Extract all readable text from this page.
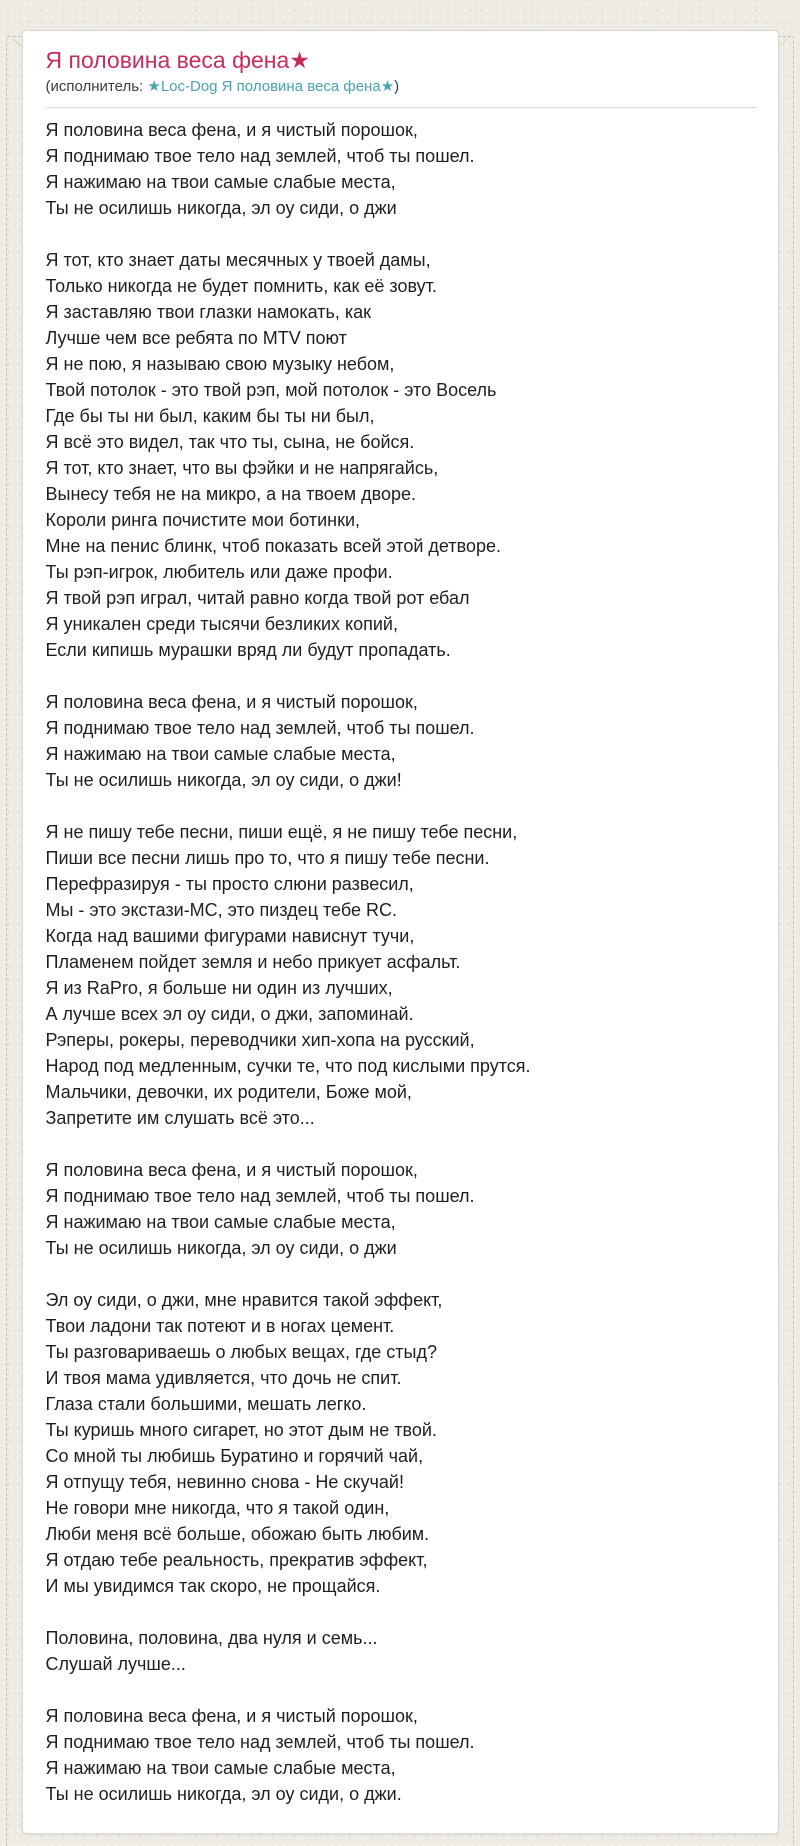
Я половина веса фена★
(исполнитель: ★Loc-Dog Я половина веса фена★)
Я половина веса фена, и я чистый порошок,
Я поднимаю твое тело над землей, чтоб ты пошел.
Я нажимаю на твои самые слабые места,
Ты не осилишь никогда, эл оу сиди, о джи
Я тот, кто знает даты месячных у твоей дамы,
Только никогда не будет помнить, как её зовут.
Я заставляю твои глазки намокать, как
Лучше чем все ребята по MTV поют
Я не пою, я называю свою музыку небом,
Твой потолок - это твой рэп, мой потолок - это Восель
Где бы ты ни был, каким бы ты ни был,
Я всё это видел, так что ты, сына, не бойся.
Я тот, кто знает, что вы фэйки и не напрягайсь,
Вынесу тебя не на микро, а на твоем дворе.
Короли ринга почистите мои ботинки,
Мне на пенис блинк, чтоб показать всей этой детворе.
Ты рэп-игрок, любитель или даже профи.
Я твой рэп играл, читай равно когда твой рот ебал
Я уникален среди тысячи безликих копий,
Если кипишь мурашки вряд ли будут пропадать.
Я половина веса фена, и я чистый порошок,
Я поднимаю твое тело над землей, чтоб ты пошел.
Я нажимаю на твои самые слабые места,
Ты не осилишь никогда, эл оу сиди, о джи!
Я не пишу тебе песни, пиши ещё, я не пишу тебе песни,
Пиши все песни лишь про то, что я пишу тебе песни.
Перефразируя - ты просто слюни развесил,
Мы - это экстази-MC, это пиздец тебе RC.
Когда над вашими фигурами нависнут тучи,
Пламенем пойдет земля и небо прикует асфальт.
Я из RaPro, я больше ни один из лучших,
А лучше всех эл оу сиди, о джи, запоминай.
Рэперы, рокеры, переводчики хип-хопа на русский,
Народ под медленным, сучки те, что под кислыми прутся.
Мальчики, девочки, их родители, Боже мой,
Запретите им слушать всё это...
Я половина веса фена, и я чистый порошок,
Я поднимаю твое тело над землей, чтоб ты пошел.
Я нажимаю на твои самые слабые места,
Ты не осилишь никогда, эл оу сиди, о джи
Эл оу сиди, о джи, мне нравится такой эффект,
Твои ладони так потеют и в ногах цемент.
Ты разговариваешь о любых вещах, где стыд?
И твоя мама удивляется, что дочь не спит.
Глаза стали большими, мешать легко.
Ты куришь много сигарет, но этот дым не твой.
Со мной ты любишь Буратино и горячий чай,
Я отпущу тебя, невинно снова - Не скучай!
Не говори мне никогда, что я такой один,
Люби меня всё больше, обожаю быть любим.
Я отдаю тебе реальность, прекратив эффект,
И мы увидимся так скоро, не прощайся.
Половина, половина, два нуля и семь...
Слушай лучше...
Я половина веса фена, и я чистый порошок,
Я поднимаю твое тело над землей, чтоб ты пошел.
Я нажимаю на твои самые слабые места,
Ты не осилишь никогда, эл оу сиди, о джи.
